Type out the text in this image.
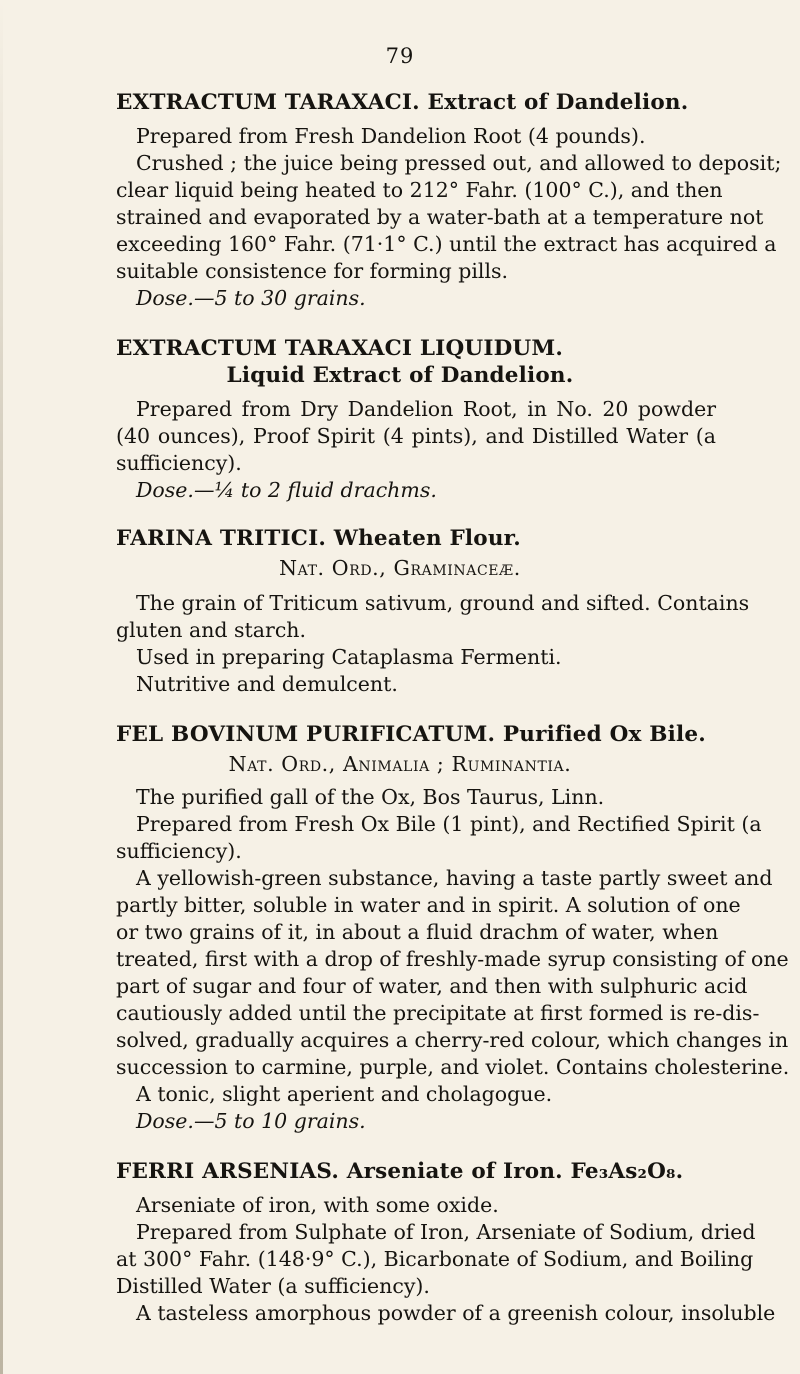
79
EXTRACTUM TARAXACI. Extract of Dandelion.
Prepared from Fresh Dandelion Root (4 pounds).
Crushed ; the juice being pressed out, and allowed to deposit;
clear liquid being heated to 212° Fahr. (100° C.), and then
strained and evaporated by a water-bath at a temperature not
exceeding 160° Fahr. (71·1° C.) until the extract has acquired a
suitable consistence for forming pills.
Dose.—5 to 30 grains.
EXTRACTUM TARAXACI LIQUIDUM.
Liquid Extract of Dandelion.
Prepared from Dry Dandelion Root, in No. 20 powder
(40 ounces), Proof Spirit (4 pints), and Distilled Water (a
sufficiency).
Dose.—¼ to 2 fluid drachms.
FARINA TRITICI. Wheaten Flour.
Nat. Ord., Graminaceæ.
The grain of Triticum sativum, ground and sifted. Contains
gluten and starch.
Used in preparing Cataplasma Fermenti.
Nutritive and demulcent.
FEL BOVINUM PURIFICATUM. Purified Ox Bile.
Nat. Ord., Animalia ; Ruminantia.
The purified gall of the Ox, Bos Taurus, Linn.
Prepared from Fresh Ox Bile (1 pint), and Rectified Spirit (a
sufficiency).
A yellowish-green substance, having a taste partly sweet and
partly bitter, soluble in water and in spirit. A solution of one
or two grains of it, in about a fluid drachm of water, when
treated, first with a drop of freshly-made syrup consisting of one
part of sugar and four of water, and then with sulphuric acid
cautiously added until the precipitate at first formed is re-dis-
solved, gradually acquires a cherry-red colour, which changes in
succession to carmine, purple, and violet. Contains cholesterine.
A tonic, slight aperient and cholagogue.
Dose.—5 to 10 grains.
FERRI ARSENIAS. Arseniate of Iron. Fe₃As₂O₈.
Arseniate of iron, with some oxide.
Prepared from Sulphate of Iron, Arseniate of Sodium, dried
at 300° Fahr. (148·9° C.), Bicarbonate of Sodium, and Boiling
Distilled Water (a sufficiency).
A tasteless amorphous powder of a greenish colour, insoluble
